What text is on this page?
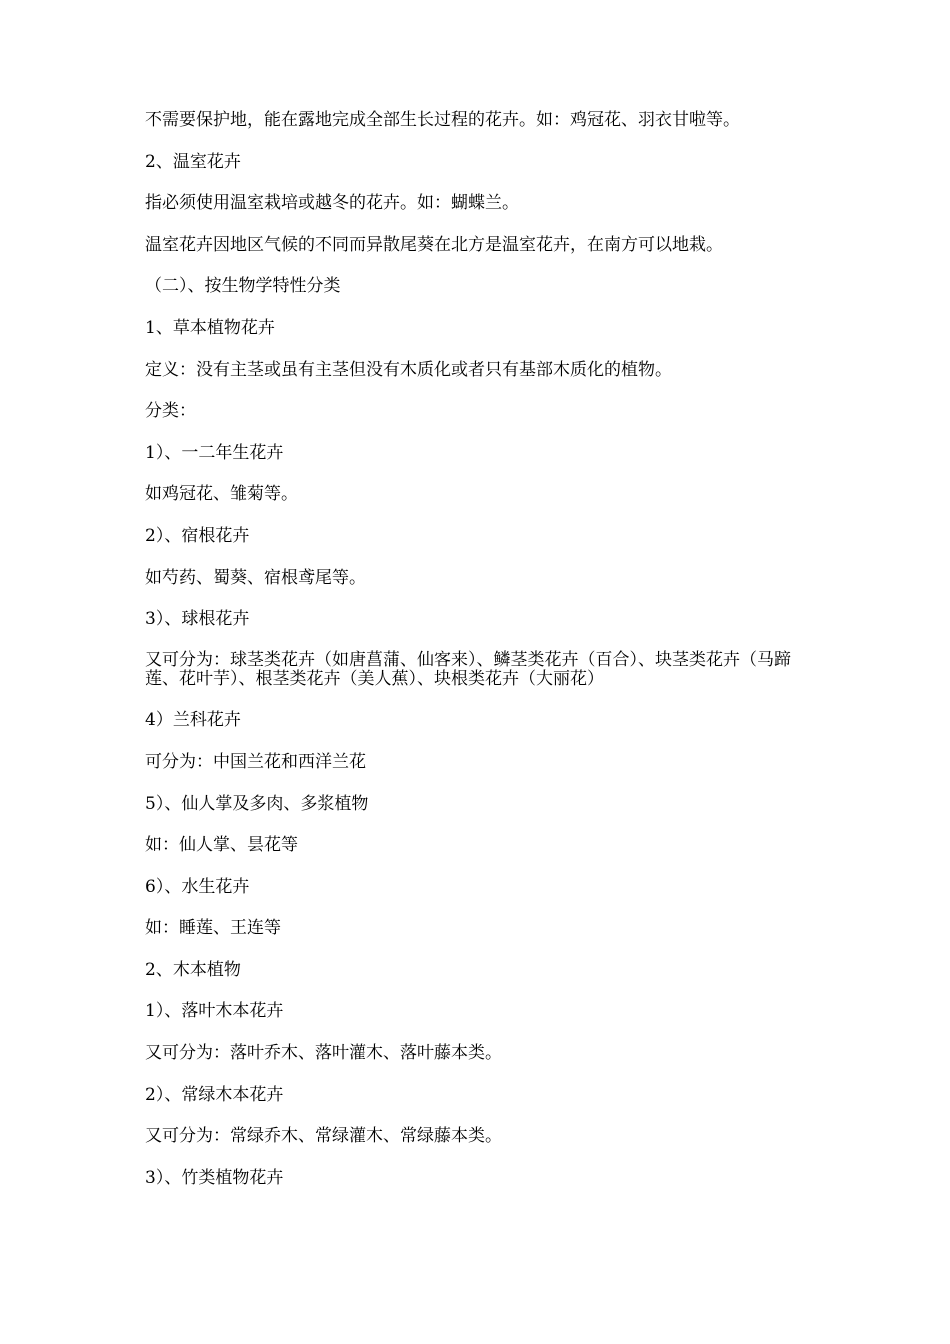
不需要保护地，能在露地完成全部生长过程的花卉。如：鸡冠花、羽衣甘啦等。

2、温室花卉

指必须使用温室栽培或越冬的花卉。如：蝴蝶兰。

温室花卉因地区气候的不同而异散尾葵在北方是温室花卉，在南方可以地栽。

（二）、按生物学特性分类

1、草本植物花卉

定义：没有主茎或虽有主茎但没有木质化或者只有基部木质化的植物。

分类：

1）、一二年生花卉

如鸡冠花、雏菊等。

2）、宿根花卉

如芍药、蜀葵、宿根鸢尾等。

3）、球根花卉

又可分为：球茎类花卉（如唐菖蒲、仙客来）、鳞茎类花卉（百合）、块茎类花卉（马蹄莲、花叶芋）、根茎类花卉（美人蕉）、块根类花卉（大丽花）

4）兰科花卉

可分为：中国兰花和西洋兰花

5）、仙人掌及多肉、多浆植物

如：仙人掌、昙花等

6）、水生花卉

如：睡莲、王连等

2、木本植物

1）、落叶木本花卉

又可分为：落叶乔木、落叶灌木、落叶藤本类。

2）、常绿木本花卉

又可分为：常绿乔木、常绿灌木、常绿藤本类。

3）、竹类植物花卉
